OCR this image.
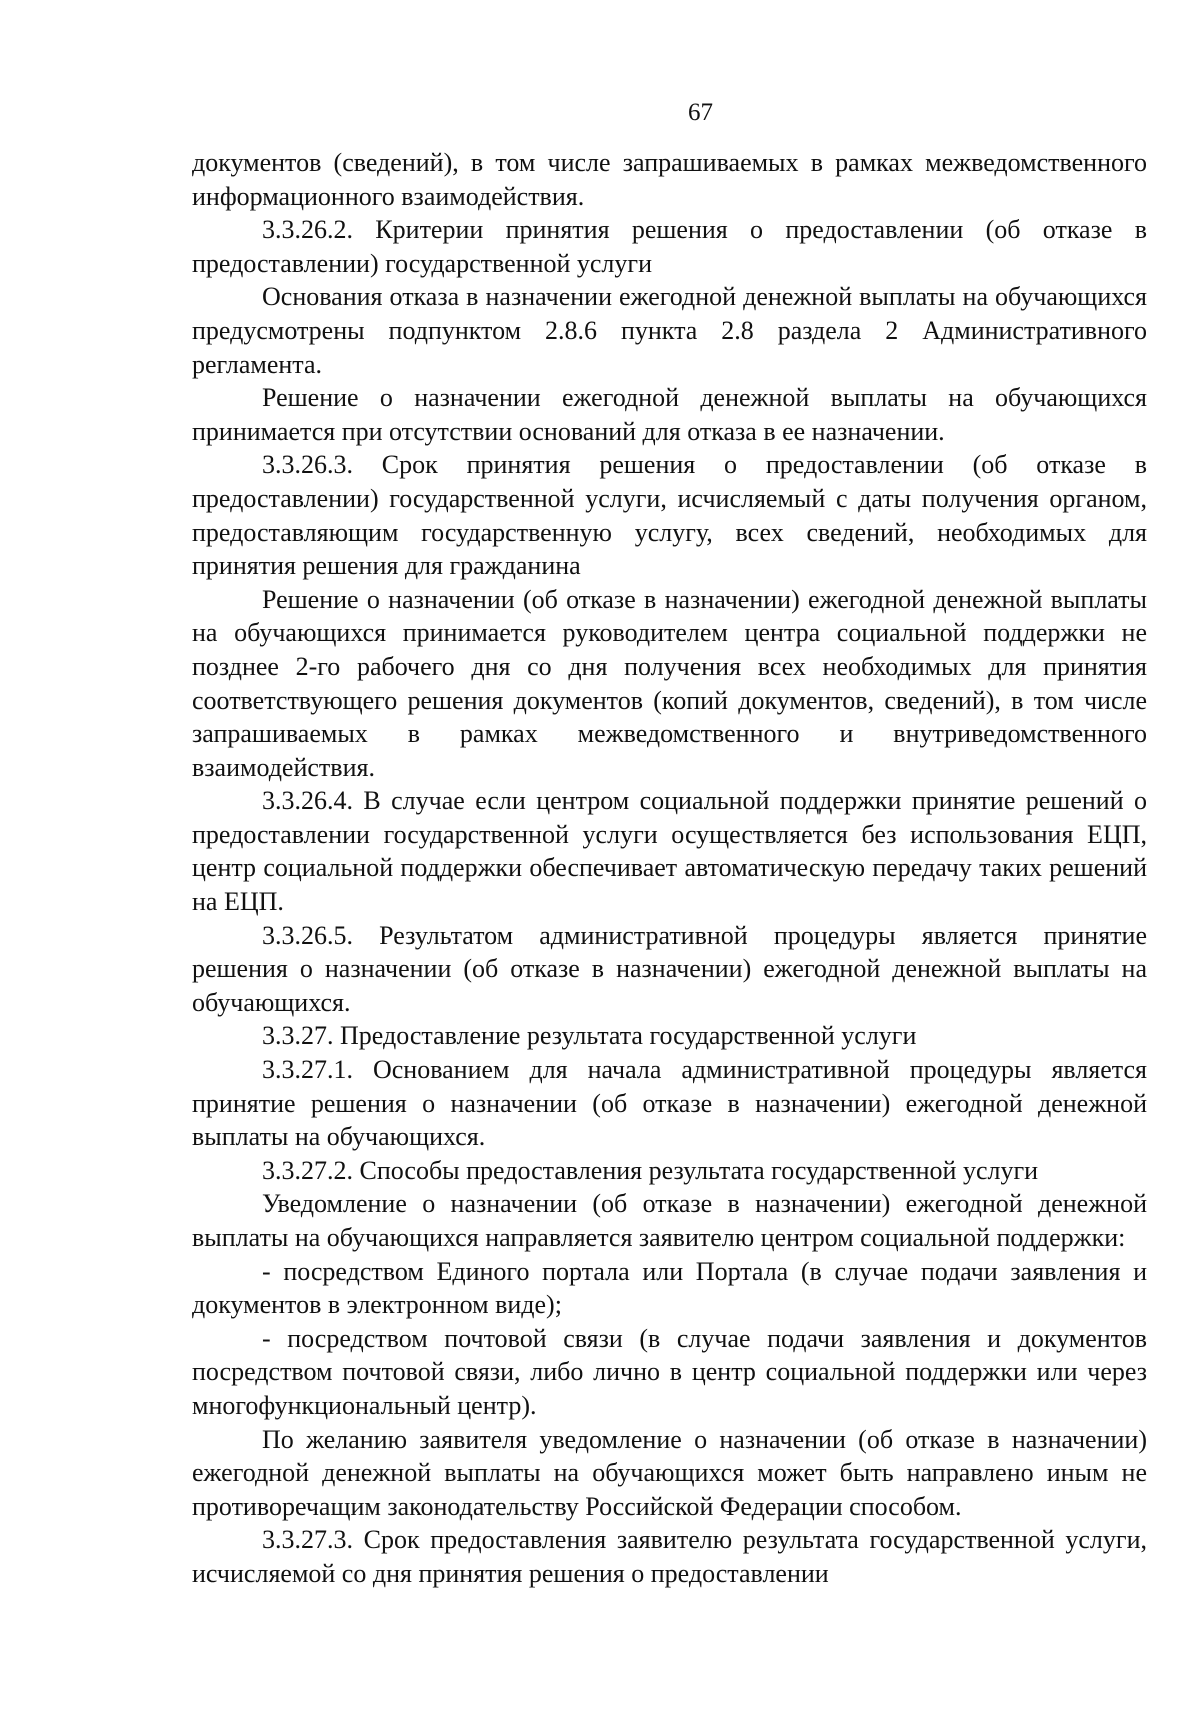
67

документов (сведений), в том числе запрашиваемых в рамках межведомственного информационного взаимодействия.

3.3.26.2. Критерии принятия решения о предоставлении (об отказе в предоставлении) государственной услуги

Основания отказа в назначении ежегодной денежной выплаты на обучающихся предусмотрены подпунктом 2.8.6 пункта 2.8 раздела 2 Административного регламента.

Решение о назначении ежегодной денежной выплаты на обучающихся принимается при отсутствии оснований для отказа в ее назначении.

3.3.26.3. Срок принятия решения о предоставлении (об отказе в предоставлении) государственной услуги, исчисляемый с даты получения органом, предоставляющим государственную услугу, всех сведений, необходимых для принятия решения для гражданина

Решение о назначении (об отказе в назначении) ежегодной денежной выплаты на обучающихся принимается руководителем центра социальной поддержки не позднее 2-го рабочего дня со дня получения всех необходимых для принятия соответствующего решения документов (копий документов, сведений), в том числе запрашиваемых в рамках межведомственного и внутриведомственного взаимодействия.

3.3.26.4. В случае если центром социальной поддержки принятие решений о предоставлении государственной услуги осуществляется без использования ЕЦП, центр социальной поддержки обеспечивает автоматическую передачу таких решений на ЕЦП.

3.3.26.5. Результатом административной процедуры является принятие решения о назначении (об отказе в назначении) ежегодной денежной выплаты на обучающихся.

3.3.27. Предоставление результата государственной услуги

3.3.27.1. Основанием для начала административной процедуры является принятие решения о назначении (об отказе в назначении) ежегодной денежной выплаты на обучающихся.

3.3.27.2. Способы предоставления результата государственной услуги

Уведомление о назначении (об отказе в назначении) ежегодной денежной выплаты на обучающихся направляется заявителю центром социальной поддержки:

- посредством Единого портала или Портала (в случае подачи заявления и документов в электронном виде);

- посредством почтовой связи (в случае подачи заявления и документов посредством почтовой связи, либо лично в центр социальной поддержки или через многофункциональный центр).

По желанию заявителя уведомление о назначении (об отказе в назначении) ежегодной денежной выплаты на обучающихся может быть направлено иным не противоречащим законодательству Российской Федерации способом.

3.3.27.3. Срок предоставления заявителю результата государственной услуги, исчисляемой со дня принятия решения о предоставлении
